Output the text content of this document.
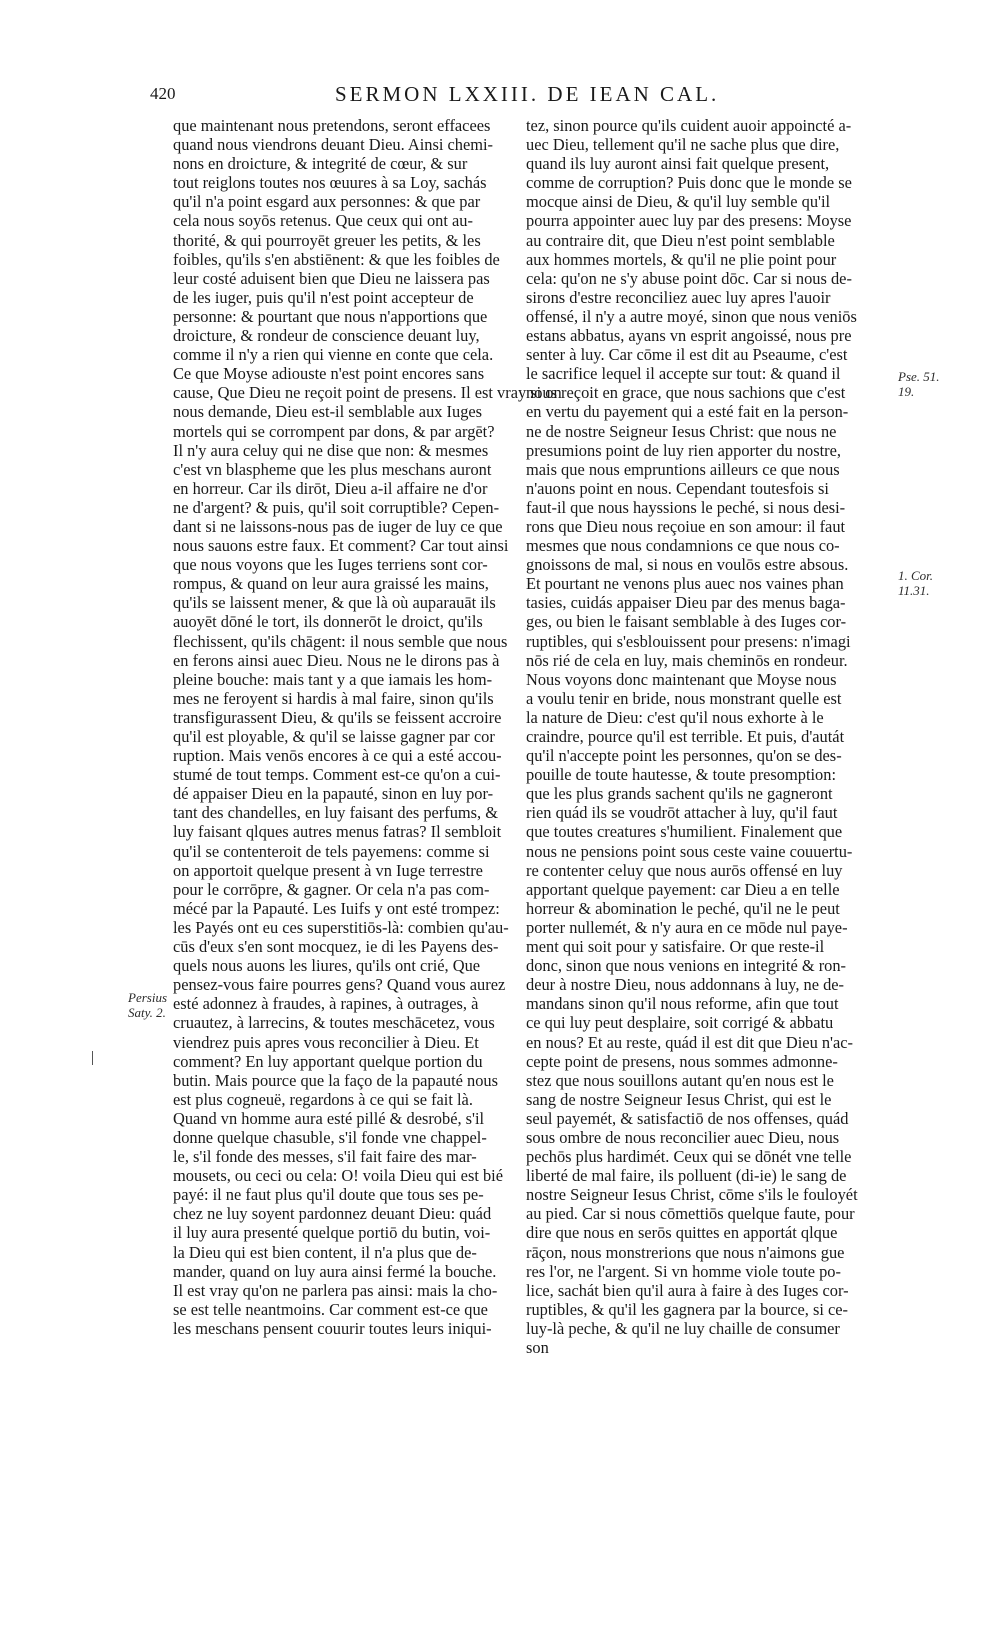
420	SERMON LXXIII. DE IEAN CAL.
que maintenant nous pretendons, seront effacees
quand nous viendrons deuant Dieu. Ainsi chemi-
nons en droicture, & integrité de cœur, & sur
tout reiglons toutes nos œuures à sa Loy, sachás
qu'il n'a point esgard aux personnes: & que par
cela nous soyōs retenus. Que ceux qui ont au-
thorité, & qui pourroyēt greuer les petits, & les
foibles, qu'ils s'en abstiēnent: & que les foibles de
leur costé aduisent bien que Dieu ne laissera pas
de les iuger, puis qu'il n'est point accepteur de
personne: & pourtant que nous n'apportions que
droicture, & rondeur de conscience deuant luy,
comme il n'y a rien qui vienne en conte que cela.
Ce que Moyse adiouste n'est point encores sans
cause, Que Dieu ne reçoit point de presens. Il est vray si on
nous demande, Dieu est-il semblable aux Iuges
mortels qui se corrompent par dons, & par argēt?
Il n'y aura celuy qui ne dise que non: & mesmes
c'est vn blaspheme que les plus meschans auront
en horreur. Car ils dirōt, Dieu a-il affaire ne d'or
ne d'argent? & puis, qu'il soit corruptible? Cepen-
dant si ne laissons-nous pas de iuger de luy ce que
nous sauons estre faux. Et comment? Car tout ainsi
que nous voyons que les Iuges terriens sont cor-
rompus, & quand on leur aura graissé les mains,
qu'ils se laissent mener, & que là où auparauāt ils
auoyēt dōné le tort, ils donnerōt le droict, qu'ils
flechissent, qu'ils chāgent: il nous semble que nous
en ferons ainsi auec Dieu. Nous ne le dirons pas à
pleine bouche: mais tant y a que iamais les hom-
mes ne feroyent si hardis à mal faire, sinon qu'ils
transfigurassent Dieu, & qu'ils se feissent accroire
qu'il est ployable, & qu'il se laisse gagner par cor
ruption. Mais venōs encores à ce qui a esté accou-
stumé de tout temps. Comment est-ce qu'on a cui-
dé appaiser Dieu en la papauté, sinon en luy por-
tant des chandelles, en luy faisant des perfums, &
luy faisant qlques autres menus fatras? Il sembloit
qu'il se contenteroit de tels payemens: comme si
on apportoit quelque present à vn Iuge terrestre
pour le corrōpre, & gagner. Or cela n'a pas com-
mécé par la Papauté. Les Iuifs y ont esté trompez:
les Payés ont eu ces superstitiōs-là: combien qu'au-
cūs d'eux s'en sont mocquez, ie di les Payens des-
quels nous auons les liures, qu'ils ont crié, Que
pensez-vous faire pourres gens? Quand vous aurez
esté adonnez à fraudes, à rapines, à outrages, à
cruautez, à larrecins, & toutes meschācetez, vous
viendrez puis apres vous reconcilier à Dieu. Et
comment? En luy apportant quelque portion du
butin. Mais pource que la faço de la papauté nous
est plus cogneuë, regardons à ce qui se fait là.
Quand vn homme aura esté pillé & desrobé, s'il
donne quelque chasuble, s'il fonde vne chappel-
le, s'il fonde des messes, s'il fait faire des mar-
mousets, ou ceci ou cela: O! voila Dieu qui est bié
payé: il ne faut plus qu'il doute que tous ses pe-
chez ne luy soyent pardonnez deuant Dieu: quád
il luy aura presenté quelque portiō du butin, voi-
la Dieu qui est bien content, il n'a plus que de-
mander, quand on luy aura ainsi fermé la bouche.
Il est vray qu'on ne parlera pas ainsi: mais la cho-
se est telle neantmoins. Car comment est-ce que
les meschans pensent couurir toutes leurs iniqui-
tez, sinon pource qu'ils cuident auoir appoincté a-
uec Dieu, tellement qu'il ne sache plus que dire,
quand ils luy auront ainsi fait quelque present,
comme de corruption? Puis donc que le monde se
mocque ainsi de Dieu, & qu'il luy semble qu'il
pourra appointer auec luy par des presens: Moyse
au contraire dit, que Dieu n'est point semblable
aux hommes mortels, & qu'il ne plie point pour
cela: qu'on ne s'y abuse point dōc. Car si nous de-
sirons d'estre reconciliez auec luy apres l'auoir
offensé, il n'y a autre moyé, sinon que nous veniōs
estans abbatus, ayans vn esprit angoissé, nous pre
senter à luy. Car cōme il est dit au Pseaume, c'est
le sacrifice lequel il accepte sur tout: & quand il
nous reçoit en grace, que nous sachions que c'est
en vertu du payement qui a esté fait en la person-
ne de nostre Seigneur Iesus Christ: que nous ne
presumions point de luy rien apporter du nostre,
mais que nous empruntions ailleurs ce que nous
n'auons point en nous. Cependant toutesfois si
faut-il que nous hayssions le peché, si nous desi-
rons que Dieu nous reçoiue en son amour: il faut
mesmes que nous condamnions ce que nous co-
gnoissons de mal, si nous en voulōs estre absous.
Et pourtant ne venons plus auec nos vaines phan
tasies, cuidás appaiser Dieu par des menus baga-
ges, ou bien le faisant semblable à des Iuges cor-
ruptibles, qui s'esblouissent pour presens: n'imagi
nōs rié de cela en luy, mais cheminōs en rondeur.
Nous voyons donc maintenant que Moyse nous
a voulu tenir en bride, nous monstrant quelle est
la nature de Dieu: c'est qu'il nous exhorte à le
craindre, pource qu'il est terrible. Et puis, d'autát
qu'il n'accepte point les personnes, qu'on se des-
pouille de toute hautesse, & toute presomption:
que les plus grands sachent qu'ils ne gagneront
rien quád ils se voudrōt attacher à luy, qu'il faut
que toutes creatures s'humilient. Finalement que
nous ne pensions point sous ceste vaine couuertu-
re contenter celuy que nous aurōs offensé en luy
apportant quelque payement: car Dieu a en telle
horreur & abomination le peché, qu'il ne le peut
porter nullemét, & n'y aura en ce mōde nul paye-
ment qui soit pour y satisfaire. Or que reste-il
donc, sinon que nous venions en integrité & ron-
deur à nostre Dieu, nous addonnans à luy, ne de-
mandans sinon qu'il nous reforme, afin que tout
ce qui luy peut desplaire, soit corrigé & abbatu
en nous? Et au reste, quád il est dit que Dieu n'ac-
cepte point de presens, nous sommes admonne-
stez que nous souillons autant qu'en nous est le
sang de nostre Seigneur Iesus Christ, qui est le
seul payemét, & satisfactiō de nos offenses, quád
sous ombre de nous reconcilier auec Dieu, nous
pechōs plus hardimét. Ceux qui se dōnét vne telle
liberté de mal faire, ils polluent (di-ie) le sang de
nostre Seigneur Iesus Christ, cōme s'ils le fouloyét
au pied. Car si nous cōmettiōs quelque faute, pour
dire que nous en serōs quittes en apportát qlque
rāçon, nous monstrerions que nous n'aimons gue
res l'or, ne l'argent. Si vn homme viole toute po-
lice, sachát bien qu'il aura à faire à des Iuges cor-
ruptibles, & qu'il les gagnera par la bource, si ce-
luy-là peche, & qu'il ne luy chaille de consumer
son
Pse. 51.
19.
1. Cor.
11.31.
Persius
Saty. 2.
